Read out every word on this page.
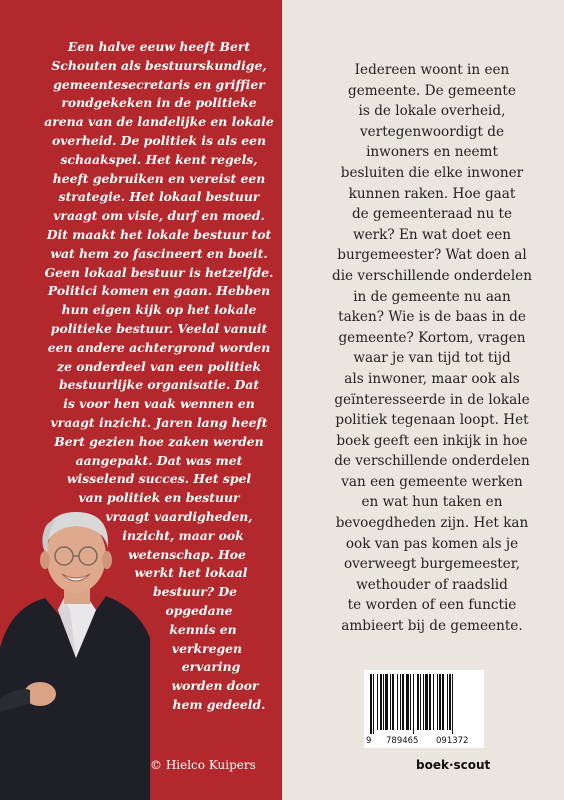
Een halve eeuw heeft Bert
Schouten als bestuurskundige,
gemeentesecretaris en griffier
rondgekeken in de politieke
arena van de landelijke en lokale
overheid. De politiek is als een
schaakspel. Het kent regels,
heeft gebruiken en vereist een
strategie. Het lokaal bestuur
vraagt om visie, durf en moed.
Dit maakt het lokale bestuur tot
wat hem zo fascineert en boeit.
Geen lokaal bestuur is hetzelfde.
Politici komen en gaan. Hebben
hun eigen kijk op het lokale
politieke bestuur. Veelal vanuit
een andere achtergrond worden
ze onderdeel van een politiek
bestuurlijke organisatie. Dat
is voor hen vaak wennen en
vraagt inzicht. Jaren lang heeft
Bert gezien hoe zaken werden
aangepakt. Dat was met
wisselend succes. Het spel
van politiek en bestuur
vraagt vaardigheden,
inzicht, maar ook
wetenschap. Hoe
werkt het lokaal
bestuur? De
opgedane
kennis en
verkregen
ervaring
worden door
hem gedeeld.
© Hielco Kuipers
Iedereen woont in een
gemeente. De gemeente
is de lokale overheid,
vertegenwoordigt de
inwoners en neemt
besluiten die elke inwoner
kunnen raken. Hoe gaat
de gemeenteraad nu te
werk? En wat doet een
burgemeester? Wat doen al
die verschillende onderdelen
in de gemeente nu aan
taken? Wie is de baas in de
gemeente? Kortom, vragen
waar je van tijd tot tijd
als inwoner, maar ook als
geïnteresseerde in de lokale
politiek tegenaan loopt. Het
boek geeft een inkijk in hoe
de verschillende onderdelen
van een gemeente werken
en wat hun taken en
bevoegdheden zijn. Het kan
ook van pas komen als je
overweegt burgemeester,
wethouder of raadslid
te worden of een functie
ambieert bij de gemeente.
9 789465 091372
boek·scout
